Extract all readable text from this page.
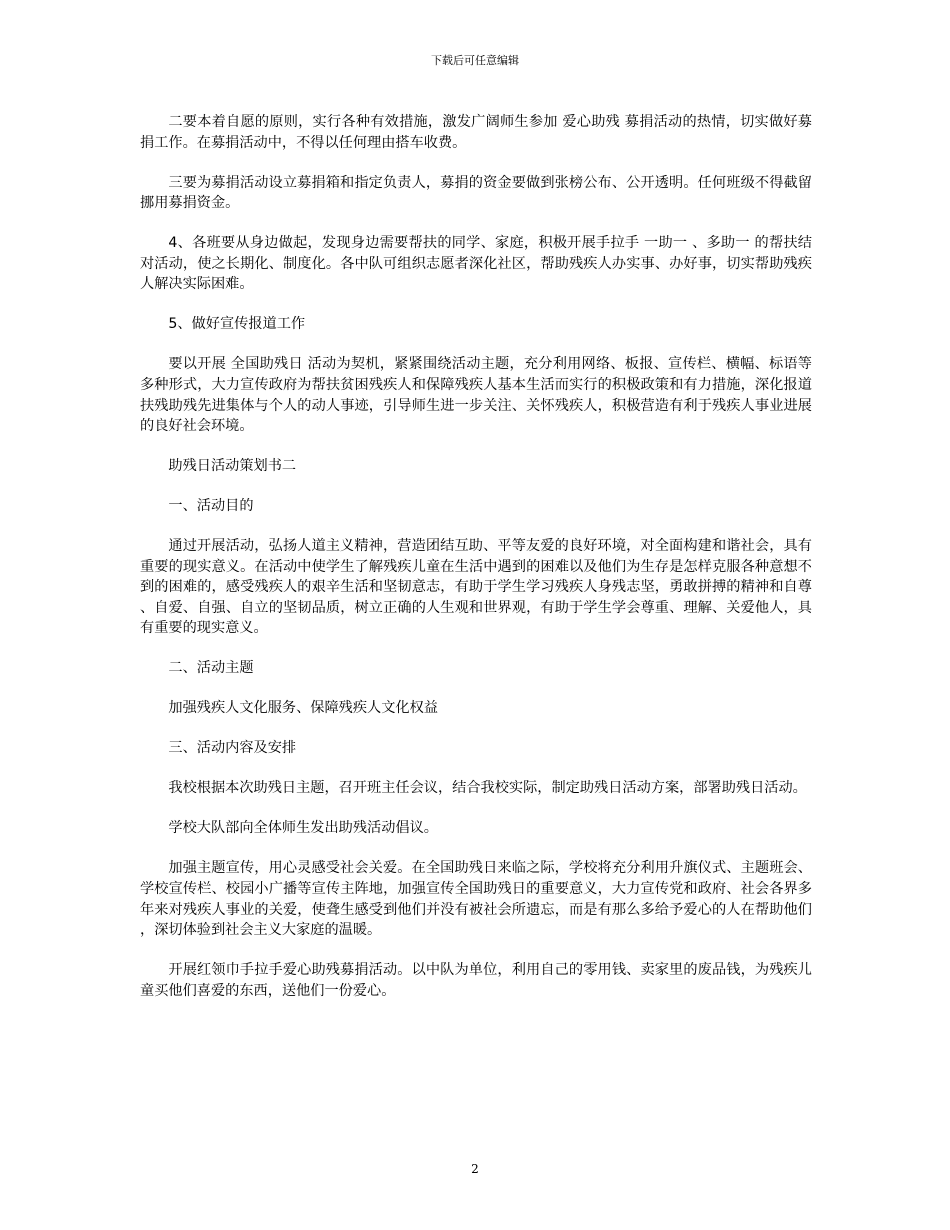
下载后可任意编辑

二要本着自愿的原则，实行各种有效措施，激发广阔师生参加 爱心助残 募捐活动的热情，切实做好募捐工作。在募捐活动中，不得以任何理由搭车收费。

三要为募捐活动设立募捐箱和指定负责人，募捐的资金要做到张榜公布、公开透明。任何班级不得截留挪用募捐资金。

4、各班要从身边做起，发现身边需要帮扶的同学、家庭，积极开展手拉手 一助一 、多助一 的帮扶结对活动，使之长期化、制度化。各中队可组织志愿者深化社区，帮助残疾人办实事、办好事，切实帮助残疾人解决实际困难。

5、做好宣传报道工作

要以开展 全国助残日 活动为契机，紧紧围绕活动主题，充分利用网络、板报、宣传栏、横幅、标语等多种形式，大力宣传政府为帮扶贫困残疾人和保障残疾人基本生活而实行的积极政策和有力措施，深化报道扶残助残先进集体与个人的动人事迹，引导师生进一步关注、关怀残疾人，积极营造有利于残疾人事业进展的良好社会环境。

助残日活动策划书二

一、活动目的

通过开展活动，弘扬人道主义精神，营造团结互助、平等友爱的良好环境，对全面构建和谐社会，具有重要的现实意义。在活动中使学生了解残疾儿童在生活中遇到的困难以及他们为生存是怎样克服各种意想不到的困难的，感受残疾人的艰辛生活和坚韧意志，有助于学生学习残疾人身残志坚，勇敢拼搏的精神和自尊、自爱、自强、自立的坚韧品质，树立正确的人生观和世界观，有助于学生学会尊重、理解、关爱他人，具有重要的现实意义。

二、活动主题

加强残疾人文化服务、保障残疾人文化权益

三、活动内容及安排

我校根据本次助残日主题，召开班主任会议，结合我校实际，制定助残日活动方案，部署助残日活动。

学校大队部向全体师生发出助残活动倡议。

加强主题宣传，用心灵感受社会关爱。在全国助残日来临之际，学校将充分利用升旗仪式、主题班会、学校宣传栏、校园小广播等宣传主阵地，加强宣传全国助残日的重要意义，大力宣传党和政府、社会各界多年来对残疾人事业的关爱，使聋生感受到他们并没有被社会所遗忘，而是有那么多给予爱心的人在帮助他们，深切体验到社会主义大家庭的温暖。

开展红领巾手拉手爱心助残募捐活动。以中队为单位，利用自己的零用钱、卖家里的废品钱，为残疾儿童买他们喜爱的东西，送他们一份爱心。

2
